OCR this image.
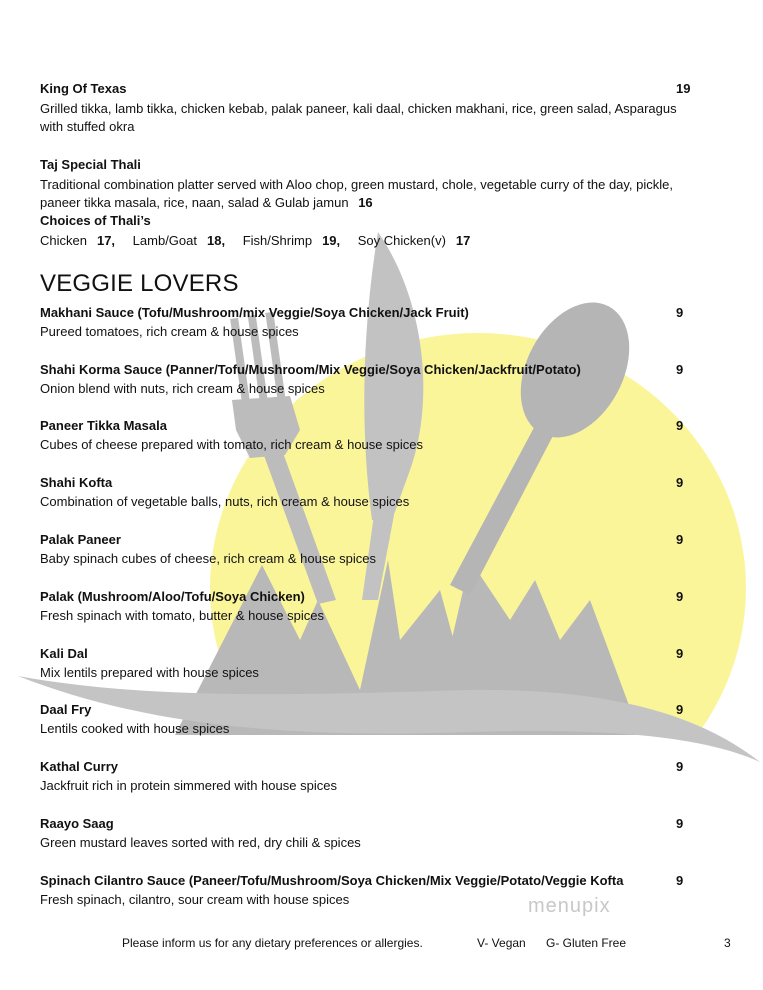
King Of Texas	19
Grilled tikka, lamb tikka, chicken kebab, palak paneer, kali daal, chicken makhani, rice, green salad, Asparagus
with stuffed okra
Taj Special Thali
Traditional combination platter served with Aloo chop, green mustard, chole, vegetable curry of the day, pickle,
paneer tikka masala, rice, naan, salad & Gulab jamun 16
Choices of Thali’s
Chicken 17, Lamb/Goat 18, Fish/Shrimp 19, Soy Chicken(v) 17
VEGGIE LOVERS
Makhani Sauce (Tofu/Mushroom/mix Veggie/Soya Chicken/Jack Fruit)	9
Pureed tomatoes, rich cream & house spices
Shahi Korma Sauce (Panner/Tofu/Mushroom/Mix Veggie/Soya Chicken/Jackfruit/Potato)	9
Onion blend with nuts, rich cream & house spices
Paneer Tikka Masala	9
Cubes of cheese prepared with tomato, rich cream & house spices
Shahi Kofta	9
Combination of vegetable balls, nuts, rich cream & house spices
Palak Paneer	9
Baby spinach cubes of cheese, rich cream & house spices
Palak (Mushroom/Aloo/Tofu/Soya Chicken)	9
Fresh spinach with tomato, butter & house spices
Kali Dal	9
Mix lentils prepared with house spices
Daal Fry	9
Lentils cooked with house spices
Kathal Curry	9
Jackfruit rich in protein simmered with house spices
Raayo Saag	9
Green mustard leaves sorted with red, dry chili & spices
Spinach Cilantro Sauce (Paneer/Tofu/Mushroom/Soya Chicken/Mix Veggie/Potato/Veggie Kofta	9
Fresh spinach, cilantro, sour cream with house spices	menupix
Please inform us for any dietary preferences or allergies.	V- Vegan G- Gluten Free	3
